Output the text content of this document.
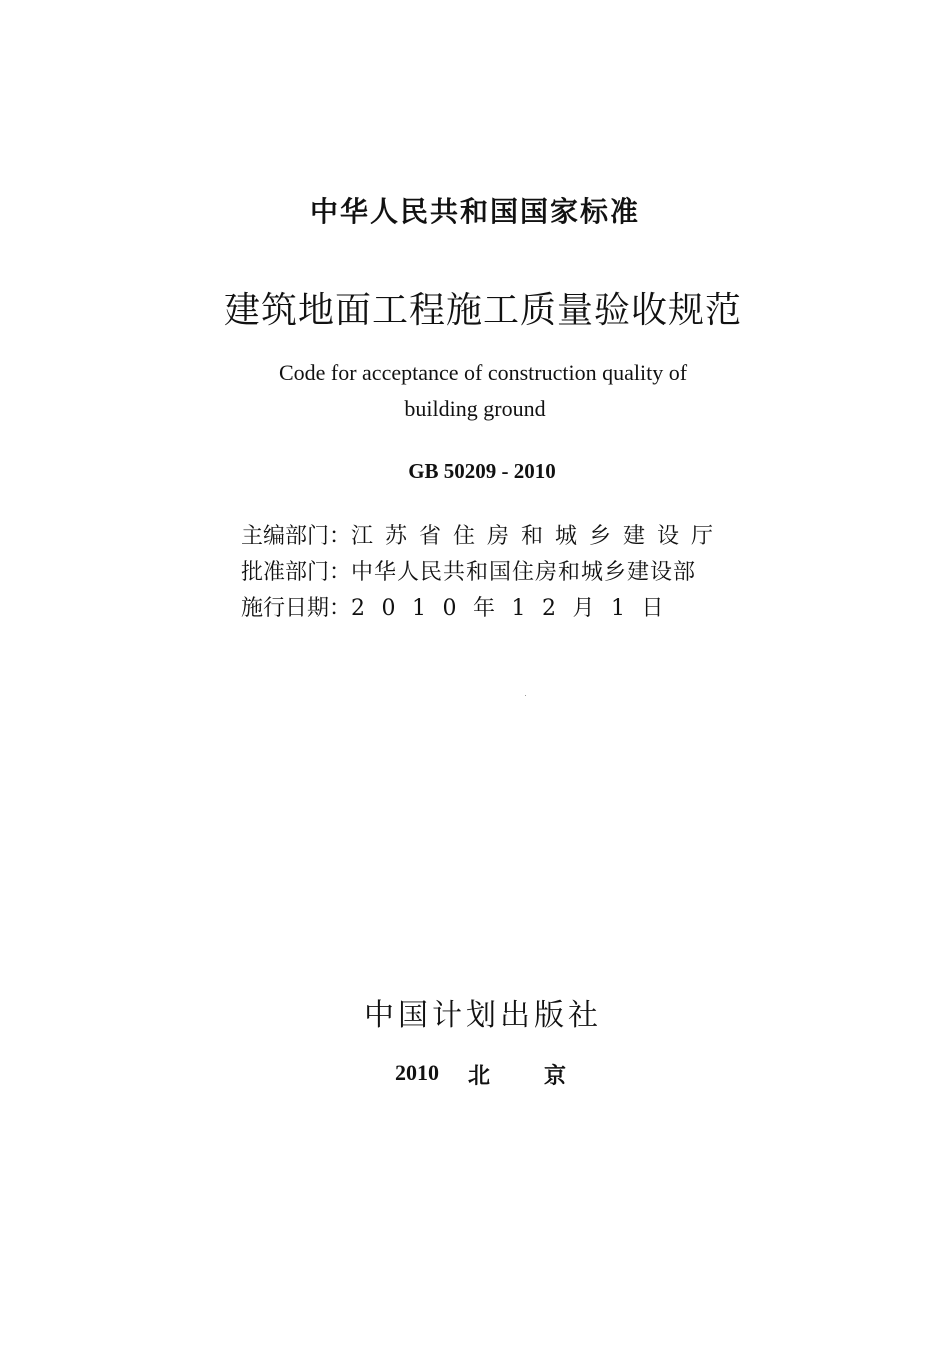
中华人民共和国国家标准
建筑地面工程施工质量验收规范
Code for acceptance of construction quality of
building ground
GB 50209 - 2010
主编部门：江苏省住房和城乡建设厅
批准部门：中华人民共和国住房和城乡建设部
施行日期：2010年12月1日
中国计划出版社
2010 北京
